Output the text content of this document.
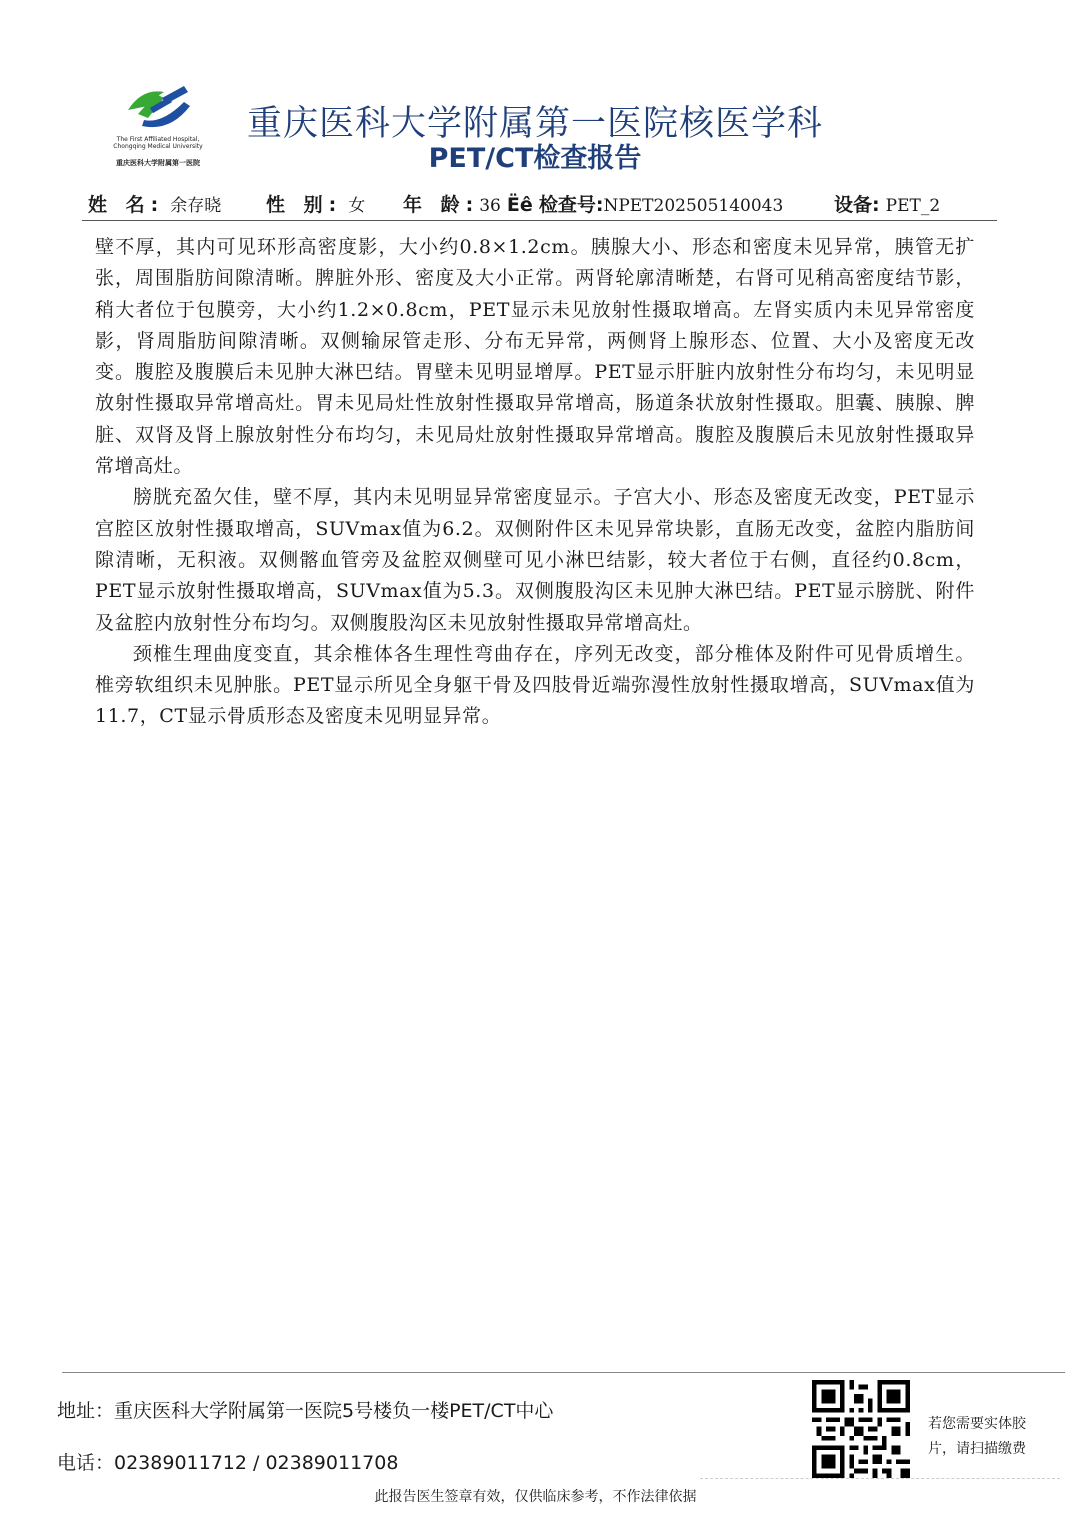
The First Affiliated Hospital,
Chongqing Medical University
重庆医科大学附属第一医院
重庆医科大学附属第一医院核医学科
PET/CT检查报告
姓 名: 余存晓 性 别: 女 年 龄:36 Ëê 检查号:NPET202505140043	设备: PET_2

壁不厚，其内可见环形高密度影，大小约0.8×1.2cm。胰腺大小、形态和密度未见异常，胰管无扩张，周围脂肪间隙清晰。脾脏外形、密度及大小正常。两肾轮廓清晰楚，右肾可见稍高密度结节影，稍大者位于包膜旁，大小约1.2×0.8cm，PET显示未见放射性摄取增高。左肾实质内未见异常密度影，肾周脂肪间隙清晰。双侧输尿管走形、分布无异常，两侧肾上腺形态、位置、大小及密度无改变。腹腔及腹膜后未见肿大淋巴结。胃壁未见明显增厚。PET显示肝脏内放射性分布均匀，未见明显放射性摄取异常增高灶。胃未见局灶性放射性摄取异常增高，肠道条状放射性摄取。胆囊、胰腺、脾脏、双肾及肾上腺放射性分布均匀，未见局灶放射性摄取异常增高。腹腔及腹膜后未见放射性摄取异常增高灶。

膀胱充盈欠佳，壁不厚，其内未见明显异常密度显示。子宫大小、形态及密度无改变，PET显示宫腔区放射性摄取增高，SUVmax值为6.2。双侧附件区未见异常块影，直肠无改变，盆腔内脂肪间隙清晰，无积液。双侧髂血管旁及盆腔双侧壁可见小淋巴结影，较大者位于右侧，直径约0.8cm，PET显示放射性摄取增高，SUVmax值为5.3。双侧腹股沟区未见肿大淋巴结。PET显示膀胱、附件及盆腔内放射性分布均匀。双侧腹股沟区未见放射性摄取异常增高灶。

颈椎生理曲度变直，其余椎体各生理性弯曲存在，序列无改变，部分椎体及附件可见骨质增生。椎旁软组织未见肿胀。PET显示所见全身躯干骨及四肢骨近端弥漫性放射性摄取增高，SUVmax值为11.7，CT显示骨质形态及密度未见明显异常。

地址：重庆医科大学附属第一医院5号楼负一楼PET/CT中心
电话：02389011712 / 02389011708
若您需要实体胶片，请扫描缴费
此报告医生签章有效，仅供临床参考，不作法律依据
